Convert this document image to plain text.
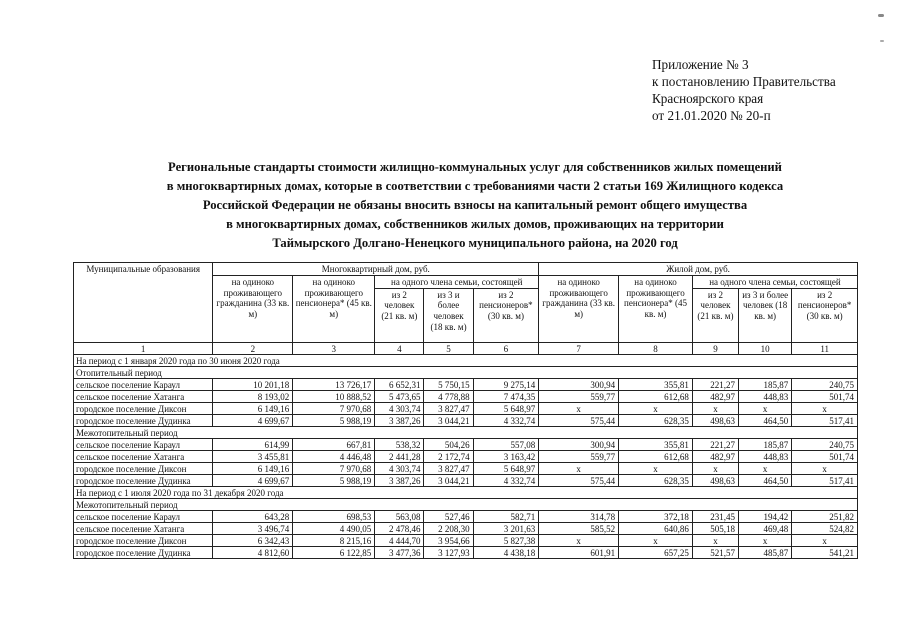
Приложение № 3
к постановлению Правительства
Красноярского края
от 21.01.2020 № 20-п
Региональные стандарты стоимости жилищно-коммунальных услуг для собственников жилых помещений
в многоквартирных домах, которые в соответствии с требованиями части 2 статьи 169 Жилищного кодекса
Российской Федерации не обязаны вносить взносы на капитальный ремонт общего имущества
в многоквартирных домах, собственников жилых домов, проживающих на территории
Таймырского Долгано-Ненецкого муниципального района, на 2020 год
Муниципальные образования	Многоквартирный дом, руб.					Жилой дом, руб.				
	на одиноко проживающего гражданина (33 кв. м)	на одиноко проживающего пенсионера* (45 кв. м)	на одного члена семьи, состоящей			на одиноко проживающего гражданина (33 кв. м)	на одиноко проживающего пенсионера* (45 кв. м)	на одного члена семьи, состоящей		
			из 2 человек (21 кв. м)	из 3 и более человек (18 кв. м)	из 2 пенсионеров* (30 кв. м)			из 2 человек (21 кв. м)	из 3 и более человек (18 кв. м)	из 2 пенсионеров* (30 кв. м)
1	2	3	4	5	6	7	8	9	10	11
На период с 1 января 2020 года по 30 июня 2020 года										
Отопительный период										
сельское поселение Караул	10 201,18	13 726,17	6 652,31	5 750,15	9 275,14	300,94	355,81	221,27	185,87	240,75
сельское поселение Хатанга	8 193,02	10 888,52	5 473,65	4 778,88	7 474,35	559,77	612,68	482,97	448,83	501,74
городское поселение Диксон	6 149,16	7 970,68	4 303,74	3 827,47	5 648,97	х	х	х	х	х
городское поселение Дудинка	4 699,67	5 988,19	3 387,26	3 044,21	4 332,74	575,44	628,35	498,63	464,50	517,41
Межотопительный период										
сельское поселение Караул	614,99	667,81	538,32	504,26	557,08	300,94	355,81	221,27	185,87	240,75
сельское поселение Хатанга	3 455,81	4 446,48	2 441,28	2 172,74	3 163,42	559,77	612,68	482,97	448,83	501,74
городское поселение Диксон	6 149,16	7 970,68	4 303,74	3 827,47	5 648,97	х	х	х	х	х
городское поселение Дудинка	4 699,67	5 988,19	3 387,26	3 044,21	4 332,74	575,44	628,35	498,63	464,50	517,41
На период с 1 июля 2020 года по 31 декабря 2020 года										
Межотопительный период										
сельское поселение Караул	643,28	698,53	563,08	527,46	582,71	314,78	372,18	231,45	194,42	251,82
сельское поселение Хатанга	3 496,74	4 490,05	2 478,46	2 208,30	3 201,63	585,52	640,86	505,18	469,48	524,82
городское поселение Диксон	6 342,43	8 215,16	4 444,70	3 954,66	5 827,38	х	х	х	х	х
городское поселение Дудинка	4 812,60	6 122,85	3 477,36	3 127,93	4 438,18	601,91	657,25	521,57	485,87	541,21
